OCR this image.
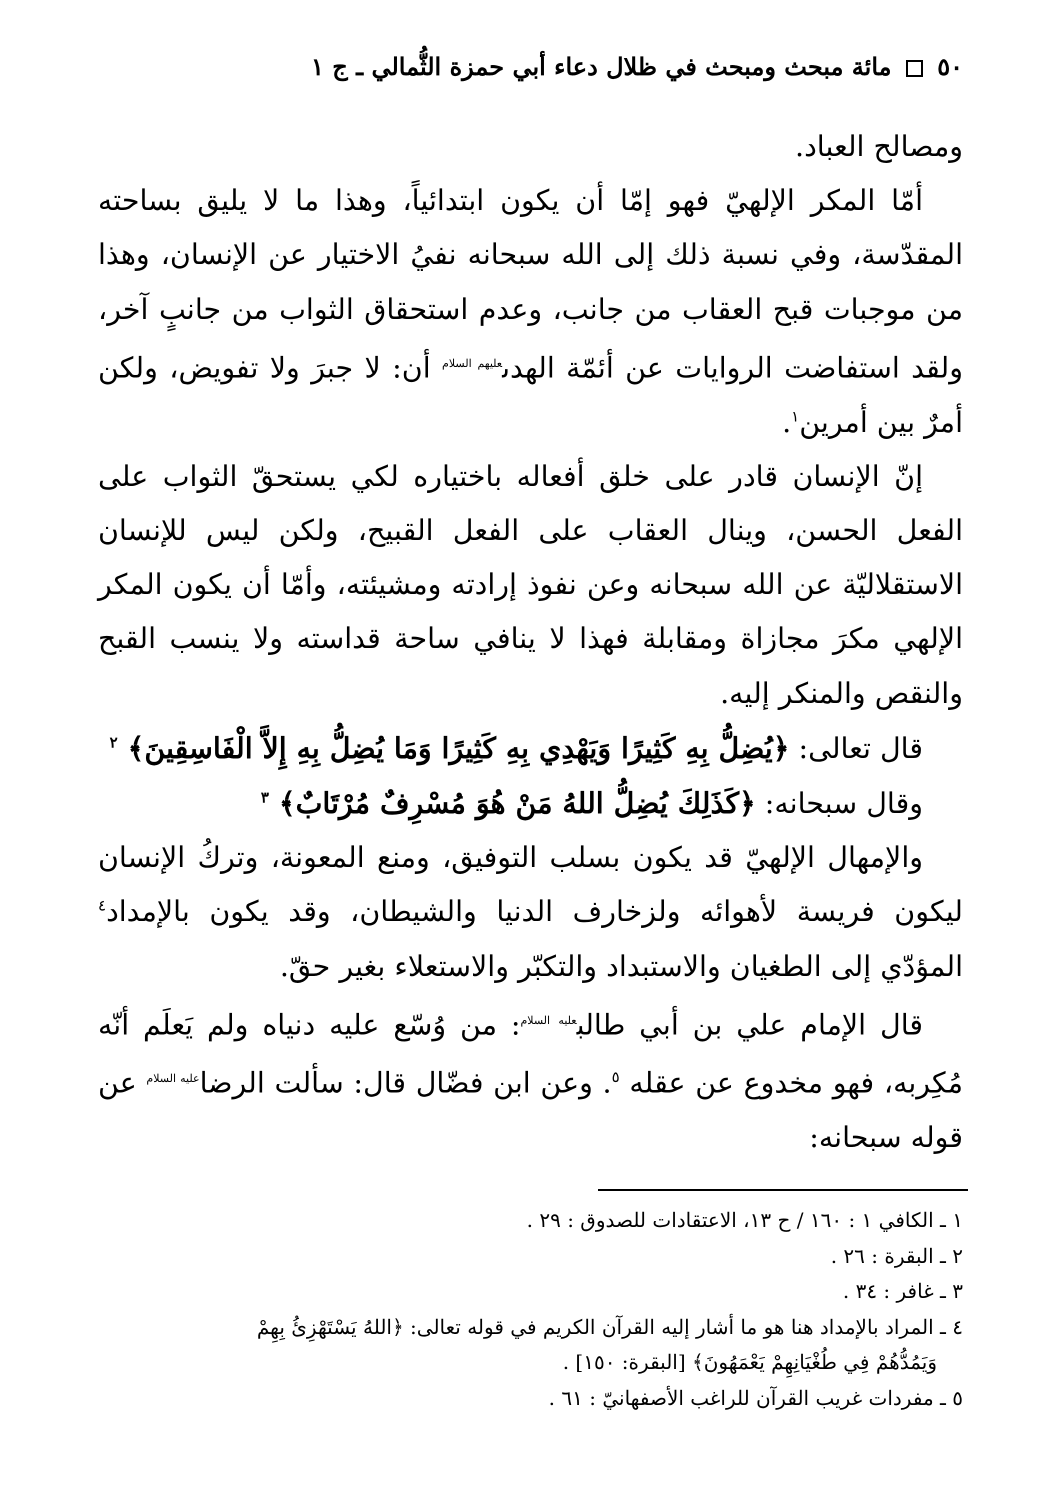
٥٠  مائة مبحث ومبحث في ظلال دعاء أبي حمزة الثُّمالي ـ ج ١

ومصالح العباد.

أمّا المكر الإلهيّ فهو إمّا أن يكون ابتدائياً، وهذا ما لا يليق بساحته المقدّسة، وفي نسبة ذلك إلى الله سبحانه نفيُ الاختيار عن الإنسان، وهذا من موجبات قبح العقاب من جانب، وعدم استحقاق الثواب من جانبٍ آخر، ولقد استفاضت الروايات عن أئمّة الهدى$^{عليهم السلام}$ أن: لا جبرَ ولا تفويض، ولكن أمرٌ بين أمرين$^١$.

إنّ الإنسان قادر على خلق أفعاله باختياره لكي يستحقّ الثواب على الفعل الحسن، وينال العقاب على الفعل القبيح، ولكن ليس للإنسان الاستقلاليّة عن الله سبحانه وعن نفوذ إرادته ومشيئته، وأمّا أن يكون المكر الإلهي مكرَ مجازاة ومقابلة فهذا لا ينافي ساحة قداسته ولا ينسب القبح والنقص والمنكر إليه.

قال تعالى: ﴿يُضِلُّ بِهِ كَثِيرًا وَيَهْدِي بِهِ كَثِيرًا وَمَا يُضِلُّ بِهِ إِلاَّ الْفَاسِقِينَ﴾ $^٢$

وقال سبحانه: ﴿كَذَلِكَ يُضِلُّ اللهُ مَنْ هُوَ مُسْرِفٌ مُرْتَابٌ﴾ $^٣$

والإمهال الإلهيّ قد يكون بسلب التوفيق، ومنع المعونة، وتركُ الإنسان ليكون فريسة لأهوائه ولزخارف الدنيا والشيطان، وقد يكون بالإمداد$^٤$ المؤدّي إلى الطغيان والاستبداد والتكبّر والاستعلاء بغير حقّ.

قال الإمام علي بن أبي طالب$^{عليه السلام}$: من وُسّع عليه دنياه ولم يَعلَم أنّه مُكِربه، فهو مخدوع عن عقله $^٥$. وعن ابن فضّال قال: سألت الرضا$^{عليه السلام}$ عن قوله سبحانه:

١ ـ الكافي ١ : ١٦٠ / ح ١٣، الاعتقادات للصدوق : ٢٩ .
٢ ـ البقرة : ٢٦ .
٣ ـ غافر : ٣٤ .
٤ ـ المراد بالإمداد هنا هو ما أشار إليه القرآن الكريم في قوله تعالى: ﴿اللهُ يَسْتَهْزِئُ بِهِمْ
وَيَمُدُّهُمْ فِي طُغْيَانِهِمْ يَعْمَهُونَ﴾ [البقرة: ١٥٠] .
٥ ـ مفردات غريب القرآن للراغب الأصفهانيّ : ٦١ .
